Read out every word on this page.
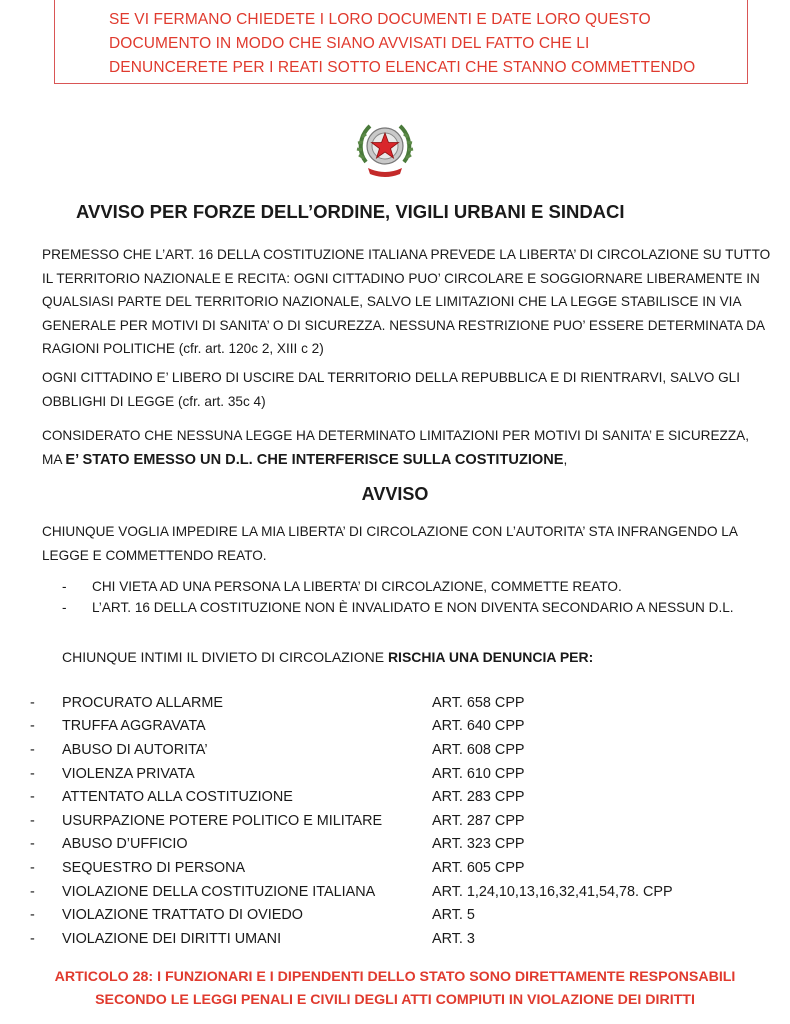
SE VI FERMANO CHIEDETE I LORO DOCUMENTI E DATE LORO QUESTO
DOCUMENTO IN MODO CHE SIANO AVVISATI DEL FATTO CHE LI
DENUNCERETE PER I REATI SOTTO ELENCATI CHE STANNO COMMETTENDO
AVVISO PER FORZE DELL’ORDINE, VIGILI URBANI E SINDACI
PREMESSO CHE L’ART. 16 DELLA COSTITUZIONE ITALIANA PREVEDE LA LIBERTA’ DI CIRCOLAZIONE SU TUTTO
IL TERRITORIO NAZIONALE E RECITA: OGNI CITTADINO PUO’ CIRCOLARE E SOGGIORNARE LIBERAMENTE IN
QUALSIASI PARTE DEL TERRITORIO NAZIONALE, SALVO LE LIMITAZIONI CHE LA LEGGE STABILISCE IN VIA
GENERALE PER MOTIVI DI SANITA’ O DI SICUREZZA. NESSUNA RESTRIZIONE PUO’ ESSERE DETERMINATA DA
RAGIONI POLITICHE (cfr. art. 120c 2, XIII c 2)
OGNI CITTADINO E’ LIBERO DI USCIRE DAL TERRITORIO DELLA REPUBBLICA E DI RIENTRARVI, SALVO GLI
OBBLIGHI DI LEGGE (cfr. art. 35c 4)
CONSIDERATO CHE NESSUNA LEGGE HA DETERMINATO LIMITAZIONI PER MOTIVI DI SANITA’ E SICUREZZA,
MA E’ STATO EMESSO UN D.L. CHE INTERFERISCE SULLA COSTITUZIONE,
AVVISO
CHIUNQUE VOGLIA IMPEDIRE LA MIA LIBERTA’ DI CIRCOLAZIONE CON L’AUTORITA’ STA INFRANGENDO LA
LEGGE E COMMETTENDO REATO.
-	CHI VIETA AD UNA PERSONA LA LIBERTA’ DI CIRCOLAZIONE, COMMETTE REATO.
-	L’ART. 16 DELLA COSTITUZIONE NON È INVALIDATO E NON DIVENTA SECONDARIO A NESSUN D.L.
CHIUNQUE INTIMI IL DIVIETO DI CIRCOLAZIONE RISCHIA UNA DENUNCIA PER:
-	PROCURATO ALLARME	ART. 658 CPP
-	TRUFFA AGGRAVATA	ART. 640 CPP
-	ABUSO DI AUTORITA’	ART. 608 CPP
-	VIOLENZA PRIVATA	ART. 610 CPP
-	ATTENTATO ALLA COSTITUZIONE	ART. 283 CPP
-	USURPAZIONE POTERE POLITICO E MILITARE	ART. 287 CPP
-	ABUSO D’UFFICIO	ART. 323 CPP
-	SEQUESTRO DI PERSONA	ART. 605 CPP
-	VIOLAZIONE DELLA COSTITUZIONE ITALIANA	ART. 1,24,10,13,16,32,41,54,78. CPP
-	VIOLAZIONE TRATTATO DI OVIEDO	ART. 5
-	VIOLAZIONE DEI DIRITTI UMANI	ART. 3
ARTICOLO 28: I FUNZIONARI E I DIPENDENTI DELLO STATO SONO DIRETTAMENTE RESPONSABILI
SECONDO LE LEGGI PENALI E CIVILI DEGLI ATTI COMPIUTI IN VIOLAZIONE DEI DIRITTI
